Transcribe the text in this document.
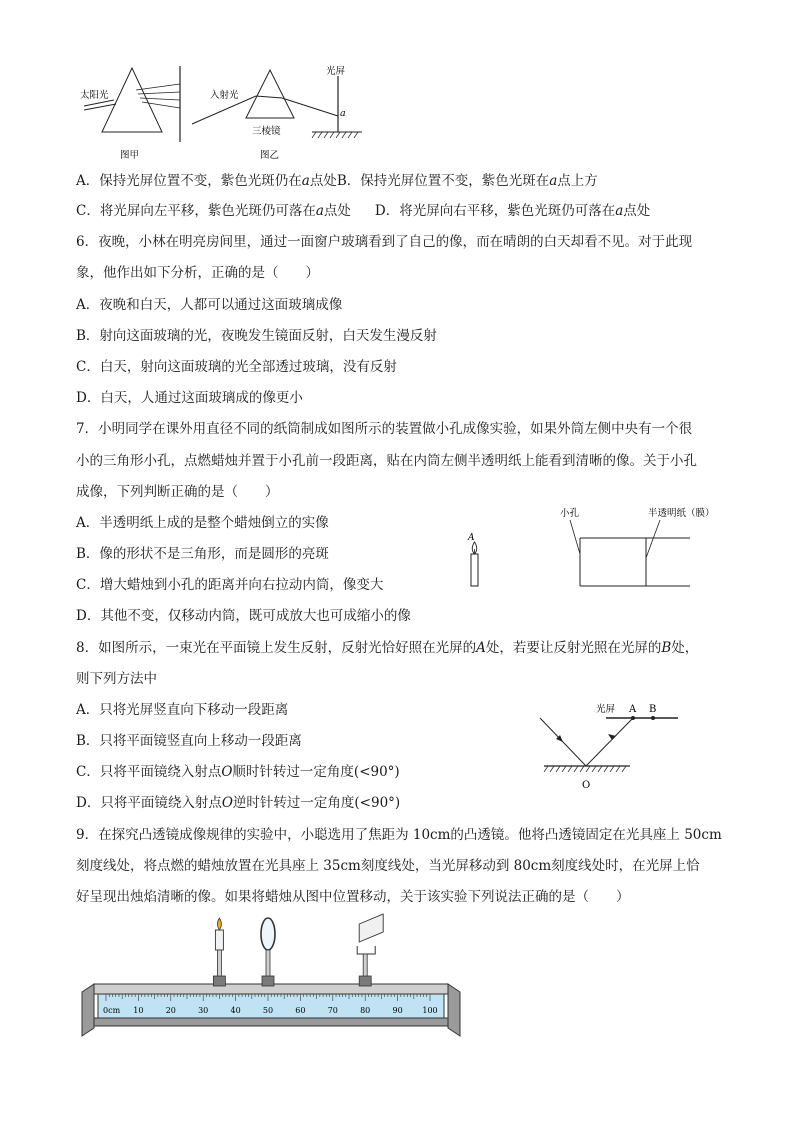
太阳光
图甲
入射光
三棱镜
光屏
a
图乙
A．保持光屏位置不变，紫色光斑仍在a点处B．保持光屏位置不变，紫色光斑在a点上方
C．将光屏向左平移，紫色光斑仍可落在a点处 D．将光屏向右平移，紫色光斑仍可落在a点处
6．夜晚，小林在明亮房间里，通过一面窗户玻璃看到了自己的像，而在晴朗的白天却看不见。对于此现
象，他作出如下分析，正确的是（　　）
A．夜晚和白天，人都可以通过这面玻璃成像
B．射向这面玻璃的光，夜晚发生镜面反射，白天发生漫反射
C．白天，射向这面玻璃的光全部透过玻璃，没有反射
D．白天，人通过这面玻璃成的像更小
7．小明同学在课外用直径不同的纸筒制成如图所示的装置做小孔成像实验，如果外筒左侧中央有一个很
小的三角形小孔，点燃蜡烛并置于小孔前一段距离，贴在内筒左侧半透明纸上能看到清晰的像。关于小孔
成像，下列判断正确的是（　　）
A．半透明纸上成的是整个蜡烛倒立的实像
B．像的形状不是三角形，而是圆形的亮斑
C．增大蜡烛到小孔的距离并向右拉动内筒，像变大
D．其他不变，仅移动内筒，既可成放大也可成缩小的像
A
小孔	半透明纸（膜）
8．如图所示，一束光在平面镜上发生反射，反射光恰好照在光屏的A处，若要让反射光照在光屏的B处，
则下列方法中
A．只将光屏竖直向下移动一段距离
B．只将平面镜竖直向上移动一段距离
C．只将平面镜绕入射点O顺时针转过一定角度(<90°)
D．只将平面镜绕入射点O逆时针转过一定角度(<90°)
光屏 A B
O
9．在探究凸透镜成像规律的实验中，小聪选用了焦距为 10cm的凸透镜。他将凸透镜固定在光具座上 50cm
刻度线处，将点燃的蜡烛放置在光具座上 35cm刻度线处，当光屏移动到 80cm刻度线处时，在光屏上恰
好呈现出烛焰清晰的像。如果将蜡烛从图中位置移动，关于该实验下列说法正确的是（　　）
0cm 10	20	30	40	50	60	70	80	90 100
